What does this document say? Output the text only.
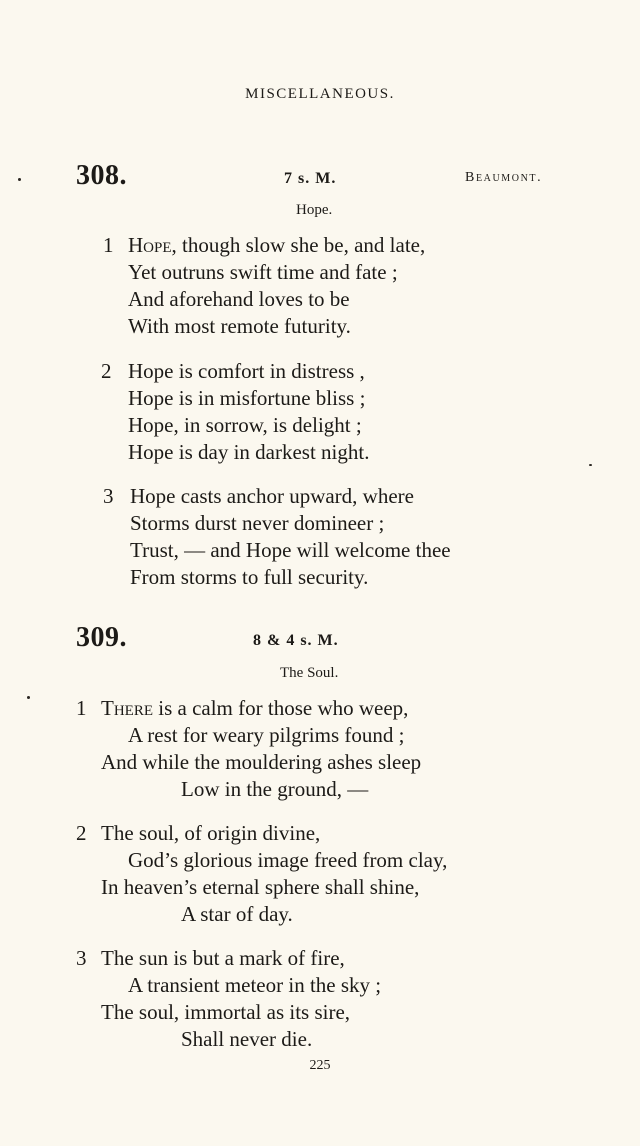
MISCELLANEOUS.
308.	7 s. M.	Beaumont.
Hope.
1 Hope, though slow she be, and late,
Yet outruns swift time and fate ;
And aforehand loves to be
With most remote futurity.
2 Hope is comfort in distress ,
Hope is in misfortune bliss ;
Hope, in sorrow, is delight ;
Hope is day in darkest night.
3 Hope casts anchor upward, where
Storms durst never domineer ;
Trust, — and Hope will welcome thee
From storms to full security.
309.	8 & 4 s. M.
The Soul.
1 There is a calm for those who weep,
A rest for weary pilgrims found ;
And while the mouldering ashes sleep
Low in the ground, —
2 The soul, of origin divine,
God’s glorious image freed from clay,
In heaven’s eternal sphere shall shine,
A star of day.
3 The sun is but a mark of fire,
A transient meteor in the sky ;
The soul, immortal as its sire,
Shall never die.
225
